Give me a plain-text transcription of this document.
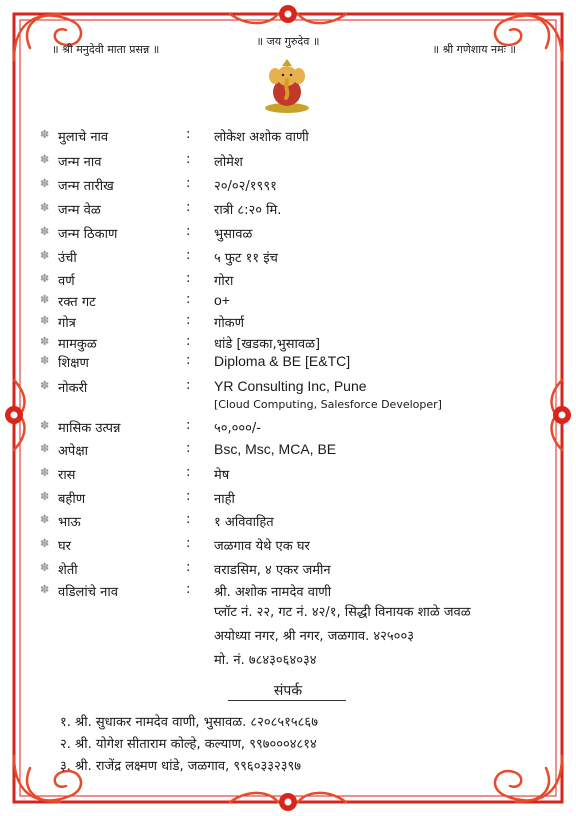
॥ श्री मनुदेवी माता प्रसन्न ॥
॥ जय गुरुदेव ॥
॥ श्री गणेशाय नमः ॥
✽ मुलाचे नाव	: लोकेश अशोक वाणी
✽ जन्म नाव	: लोमेश
✽ जन्म तारीख	: २०/०२/१९९१
✽ जन्म वेळ	: रात्री ८:२० मि.
✽ जन्म ठिकाण	: भुसावळ
✽ उंची	: ५ फुट ११ इंच
✽ वर्ण	: गोरा
✽ रक्त गट	: o+
✽ गोत्र	: गोकर्ण
✽ मामकुळ	: धांडे [खडका,भुसावळ]
✽ शिक्षण	: Diploma & BE [E&TC]
✽ नोकरी	: YR Consulting Inc, Pune
[Cloud Computing, Salesforce Developer]
✽ मासिक उत्पन्न	: ५०,०००/-
✽ अपेक्षा	: Bsc, Msc, MCA, BE
✽ रास	: मेष
✽ बहीण	: नाही
✽ भाऊ	: १ अविवाहित
✽ घर	: जळगाव येथे एक घर
✽ शेती	: वराडसिम, ४ एकर जमीन
✽ वडिलांचे नाव	: श्री. अशोक नामदेव वाणी
प्लॉट नं. २२, गट नं. ४२/१, सिद्धी विनायक शाळे जवळ
अयोध्या नगर, श्री नगर, जळगाव. ४२५००३
मो. नं. ७८४३०६४०३४
संपर्क
१. श्री. सुधाकर नामदेव वाणी, भुसावळ. ८२०८५१५८६७
२. श्री. योगेश सीताराम कोल्हे, कल्याण, ९९७०००४८१४
३. श्री. राजेंद्र लक्ष्मण धांडे, जळगाव, ९९६०३३२३९७
